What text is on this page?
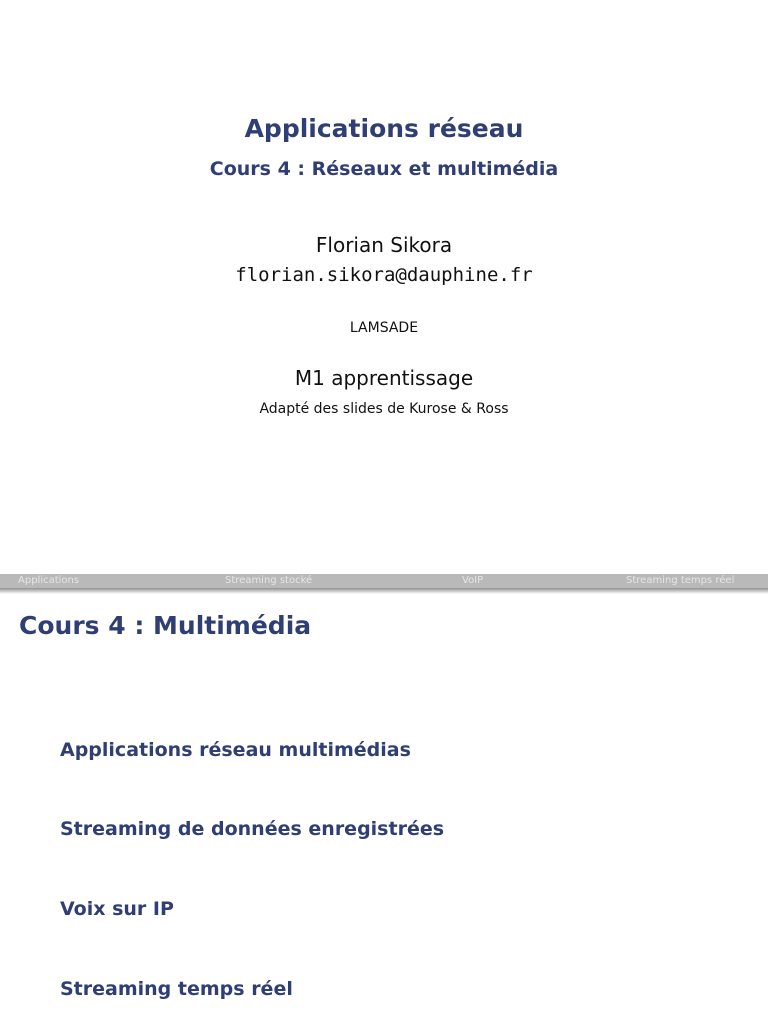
Applications réseau
Cours 4 : Réseaux et multimédia
Florian Sikora
florian.sikora@dauphine.fr
LAMSADE
M1 apprentissage
Adapté des slides de Kurose & Ross
Applications	Streaming stocké	VoIP	Streaming temps réel
Cours 4 : Multimédia
Applications réseau multimédias
Streaming de données enregistrées
Voix sur IP
Streaming temps réel
